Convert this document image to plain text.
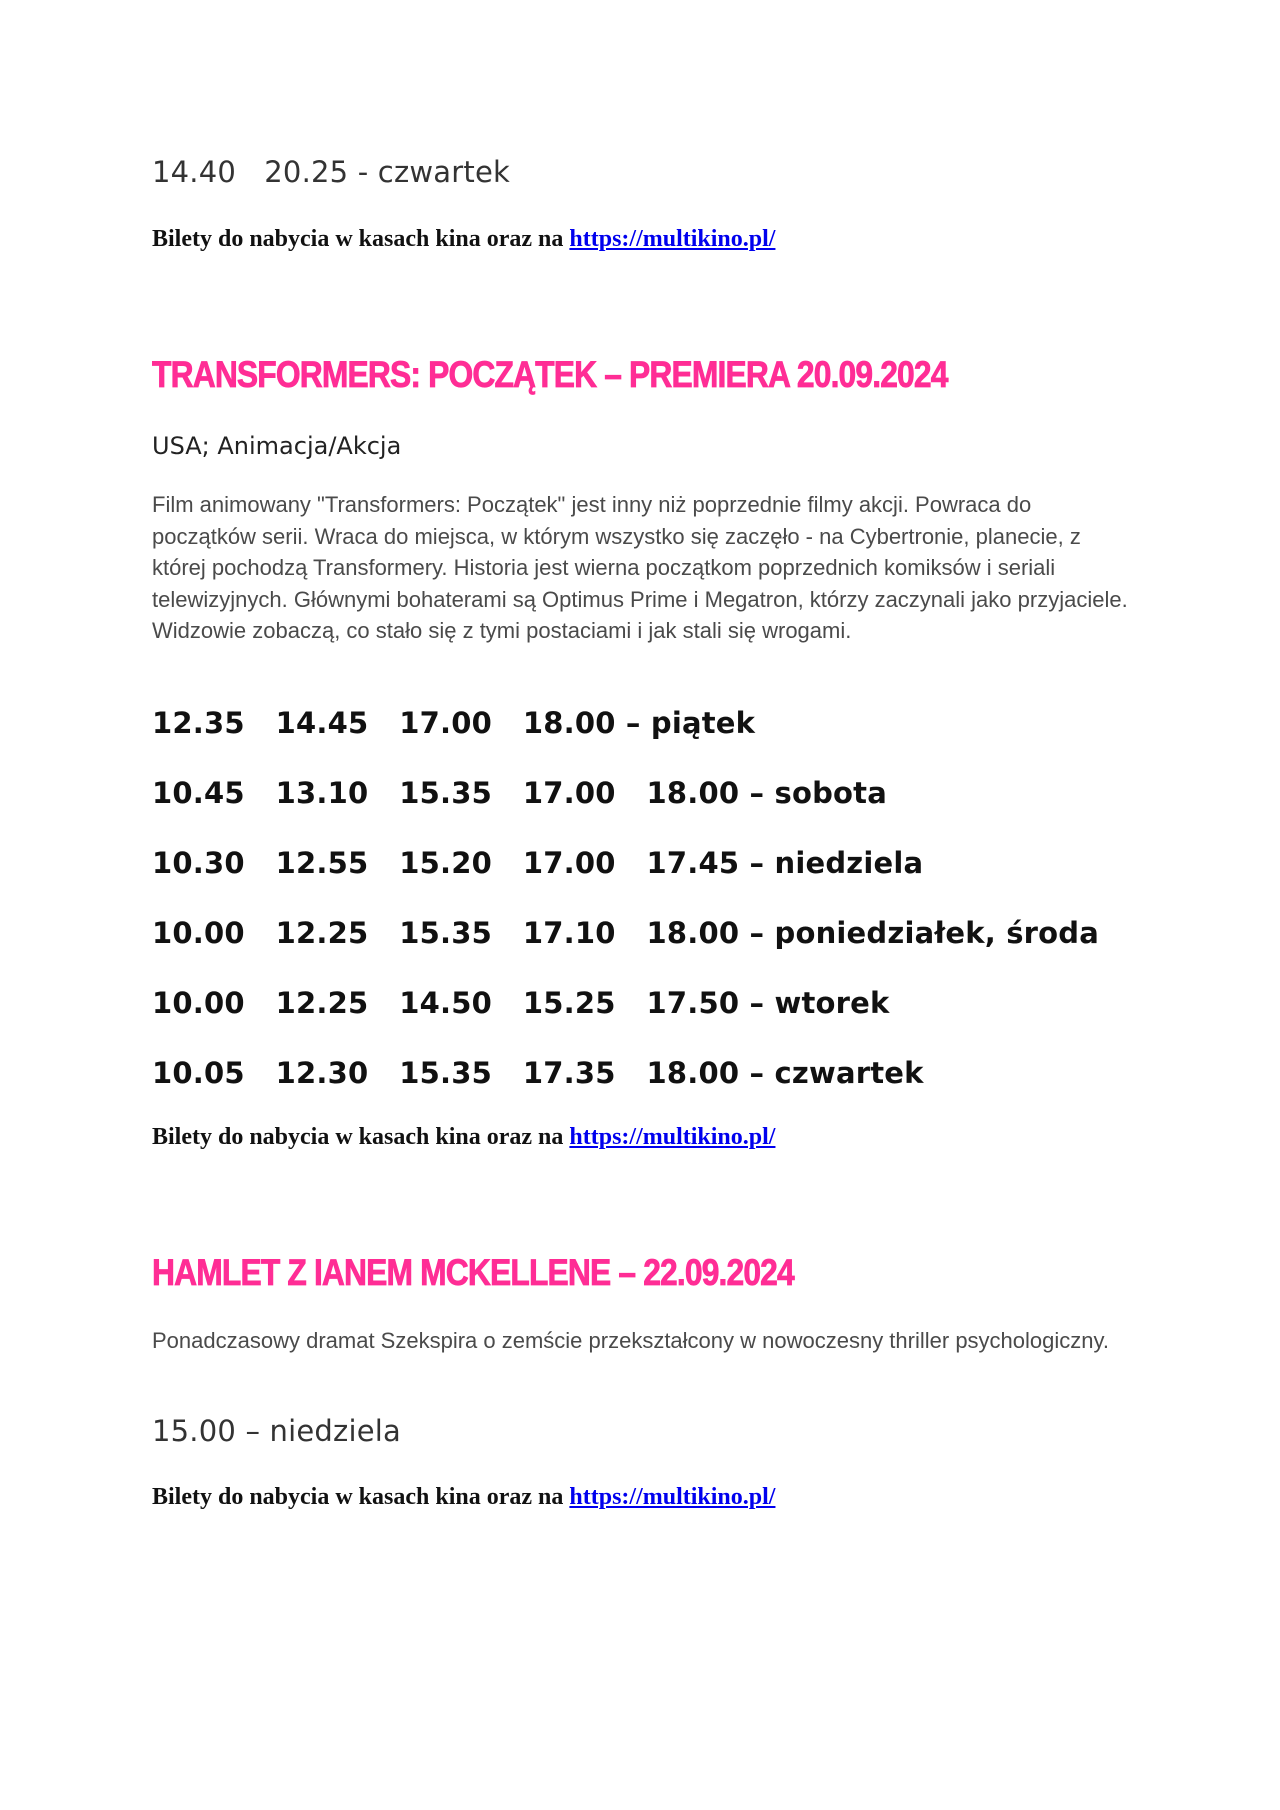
14.40   20.25 - czwartek
Bilety do nabycia w kasach kina oraz na https://multikino.pl/
TRANSFORMERS: POCZĄTEK – PREMIERA 20.09.2024
USA; Animacja/Akcja
Film animowany "Transformers: Początek" jest inny niż poprzednie filmy akcji. Powraca do początków serii. Wraca do miejsca, w którym wszystko się zaczęło - na Cybertronie, planecie, z której pochodzą Transformery. Historia jest wierna początkom poprzednich komiksów i seriali telewizyjnych. Głównymi bohaterami są Optimus Prime i Megatron, którzy zaczynali jako przyjaciele. Widzowie zobaczą, co stało się z tymi postaciami i jak stali się wrogami.
12.35   14.45   17.00   18.00 – piątek
10.45   13.10   15.35   17.00   18.00 – sobota
10.30   12.55   15.20   17.00   17.45 – niedziela
10.00   12.25   15.35   17.10   18.00 – poniedziałek, środa
10.00   12.25   14.50   15.25   17.50 – wtorek
10.05   12.30   15.35   17.35   18.00 – czwartek
Bilety do nabycia w kasach kina oraz na https://multikino.pl/
HAMLET Z IANEM MCKELLENE – 22.09.2024
Ponadczasowy dramat Szekspira o zemście przekształcony w nowoczesny thriller psychologiczny.
15.00 – niedziela
Bilety do nabycia w kasach kina oraz na https://multikino.pl/
